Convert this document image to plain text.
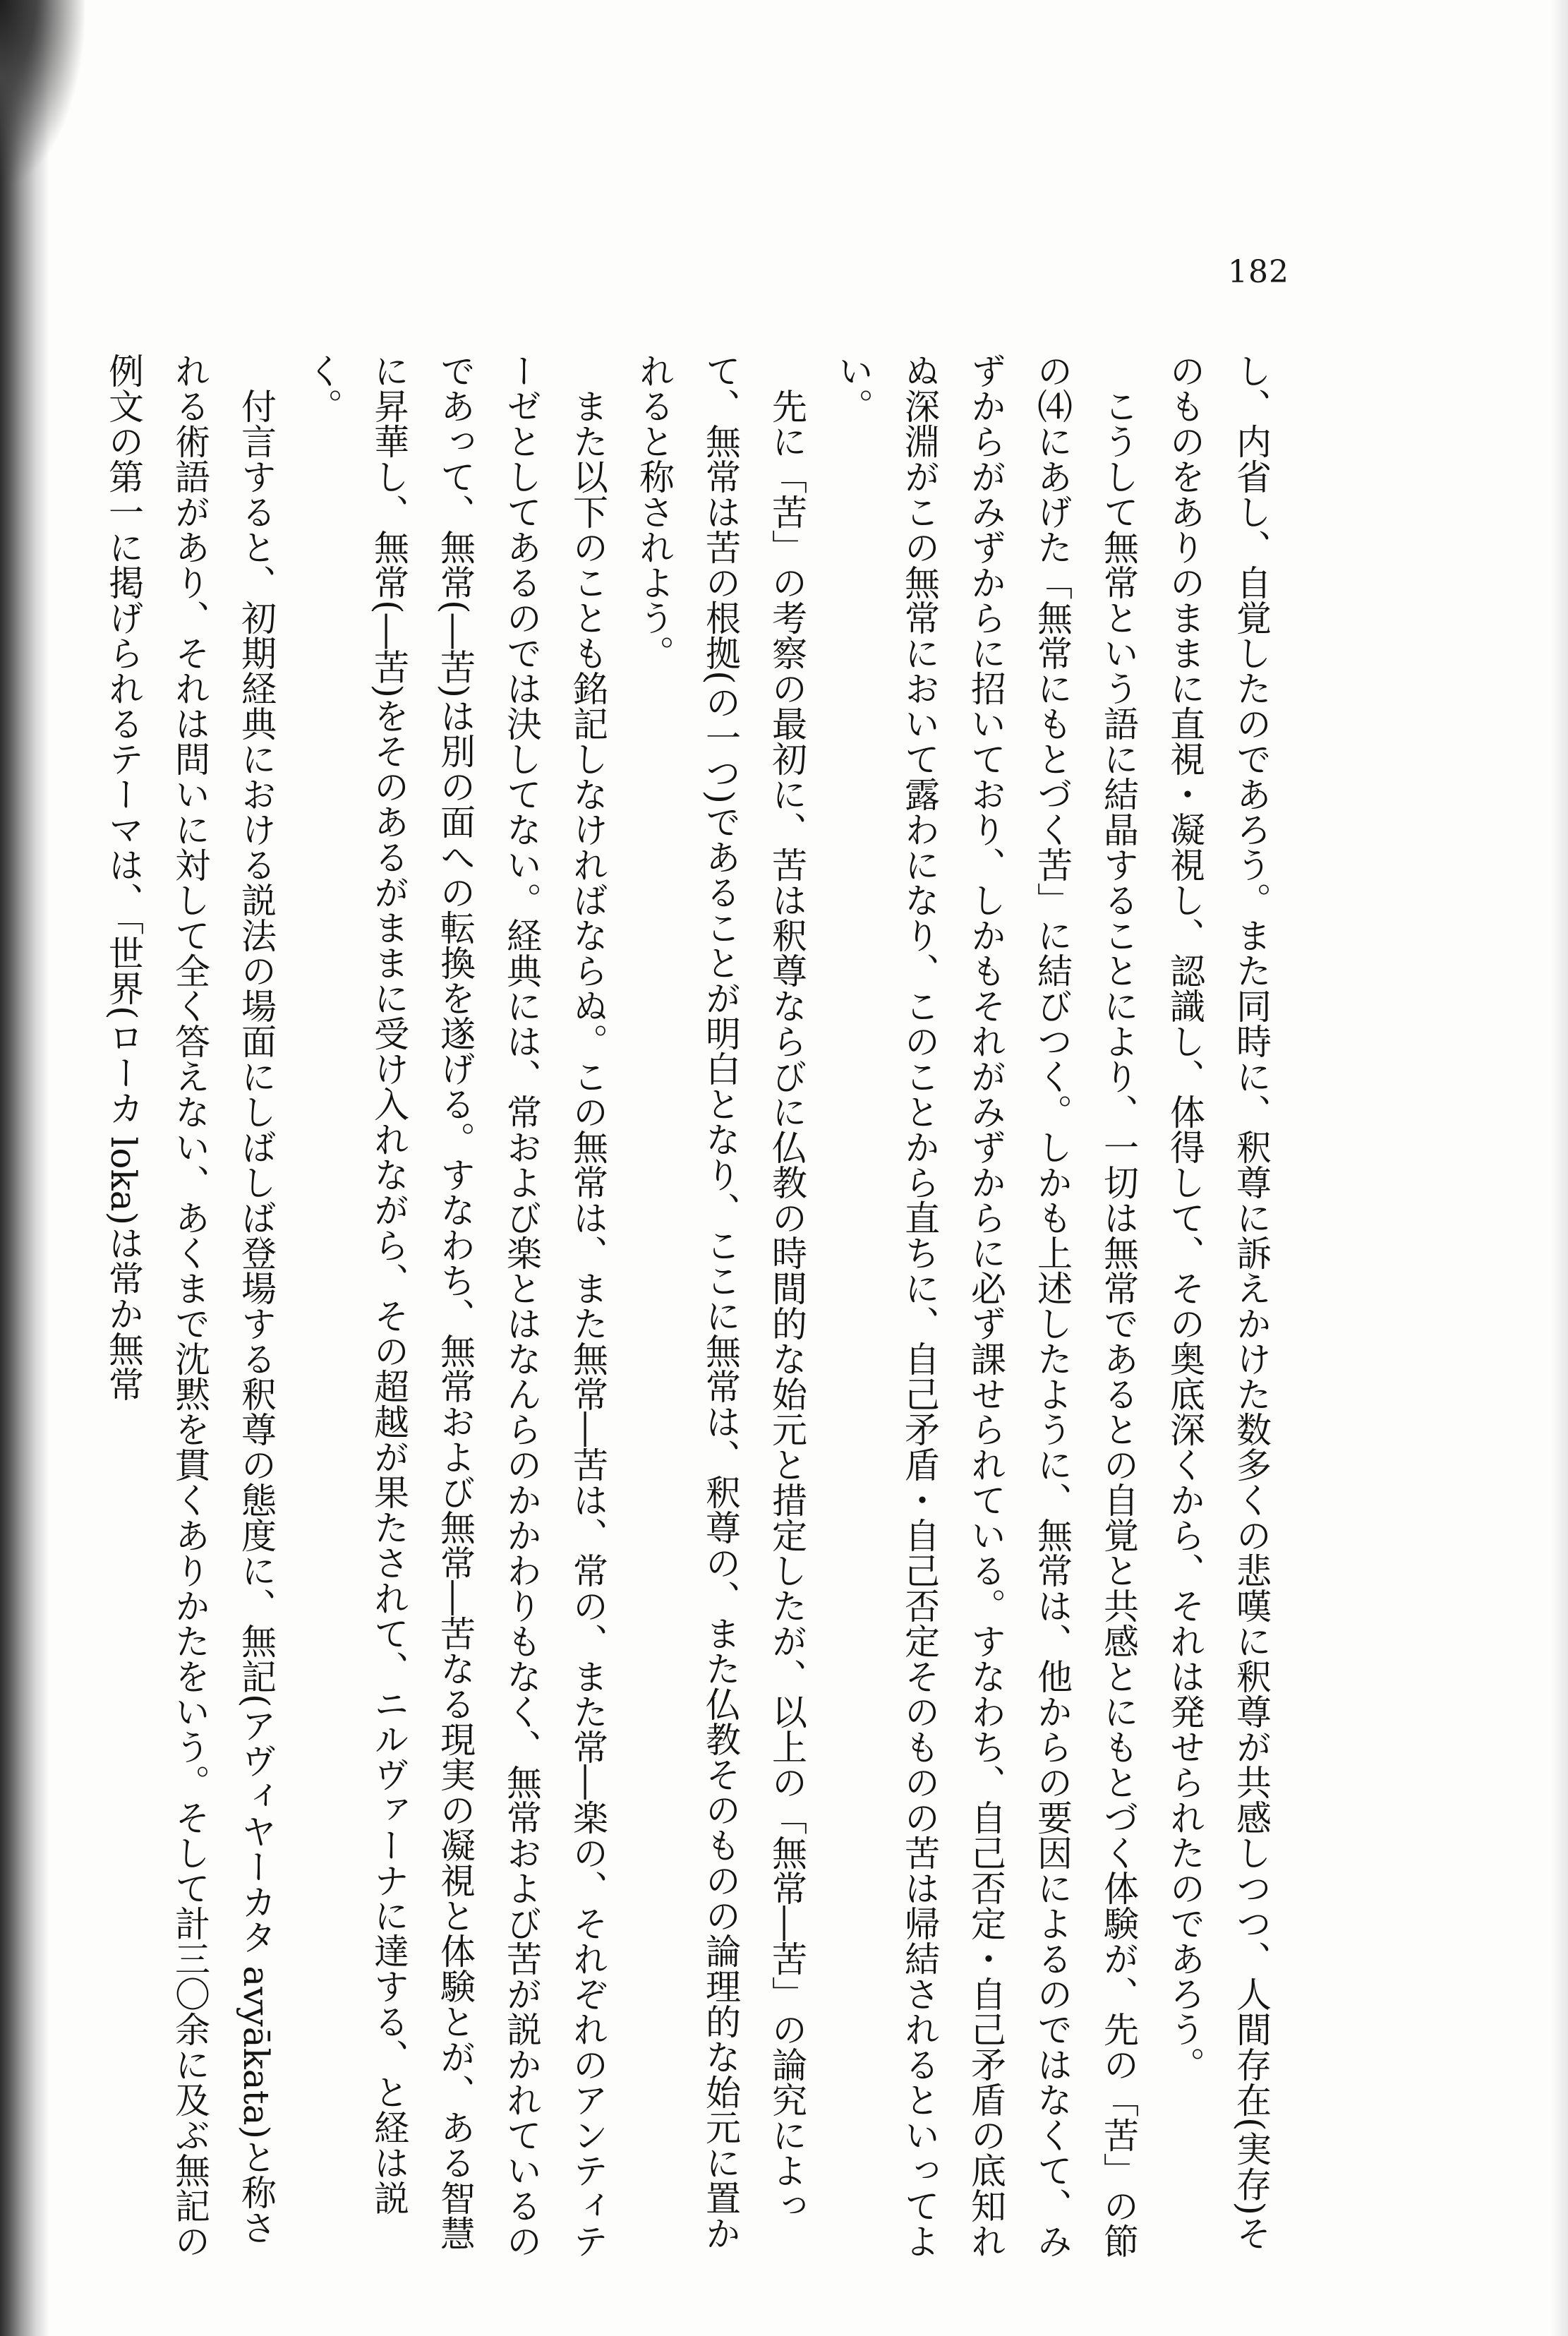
182

し、内省し、自覚したのであろう。また同時に、釈尊に訴えかけた数多くの悲嘆に釈尊が共感しつつ、人間存在(実存)そのものをありのままに直視・凝視し、認識し、体得して、その奥底深くから、それは発せられたのであろう。

こうして無常という語に結晶することにより、一切は無常であるとの自覚と共感とにもとづく体験が、先の「苦」の節の⑷にあげた「無常にもとづく苦」に結びつく。しかも上述したように、無常は、他からの要因によるのではなくて、みずからがみずからに招いており、しかもそれがみずからに必ず課せられている。すなわち、自己否定・自己矛盾の底知れぬ深淵がこの無常において露わになり、このことから直ちに、自己矛盾・自己否定そのものの苦は帰結されるといってよい。

先に「苦」の考察の最初に、苦は釈尊ならびに仏教の時間的な始元と措定したが、以上の「無常―苦」の論究によって、無常は苦の根拠(の一つ)であることが明白となり、ここに無常は、釈尊の、また仏教そのものの論理的な始元に置かれると称されよう。

また以下のことも銘記しなければならぬ。この無常は、また無常―苦は、常の、また常―楽の、それぞれのアンティテーゼとしてあるのでは決してない。経典には、常および楽とはなんらのかかわりもなく、無常および苦が説かれているのであって、無常(―苦)は別の面への転換を遂げる。すなわち、無常および無常―苦なる現実の凝視と体験とが、ある智慧に昇華し、無常(―苦)をそのあるがままに受け入れながら、その超越が果たされて、ニルヴァーナに達する、と経は説く。

付言すると、初期経典における説法の場面にしばしば登場する釈尊の態度に、無記(アヴィヤーカタ avyākata)と称される術語があり、それは問いに対して全く答えない、あくまで沈黙を貫くありかたをいう。そして計三〇余に及ぶ無記の例文の第一に掲げられるテーマは、「世界(ローカ loka)は常か無常
